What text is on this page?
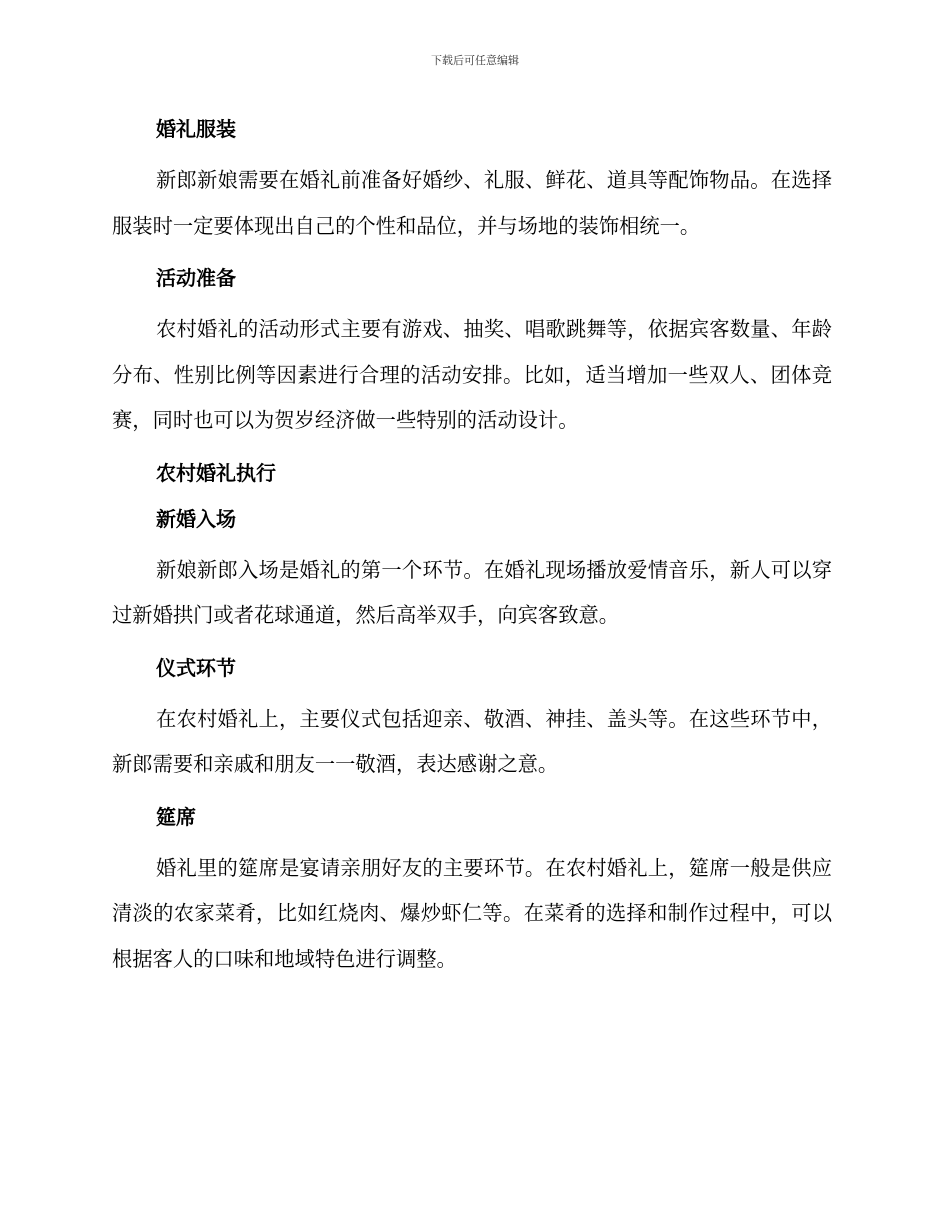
下载后可任意编辑
婚礼服装

新郎新娘需要在婚礼前准备好婚纱、礼服、鲜花、道具等配饰物品。在选择服装时一定要体现出自己的个性和品位，并与场地的装饰相统一。

活动准备

农村婚礼的活动形式主要有游戏、抽奖、唱歌跳舞等，依据宾客数量、年龄分布、性别比例等因素进行合理的活动安排。比如，适当增加一些双人、团体竞赛，同时也可以为贺岁经济做一些特别的活动设计。

农村婚礼执行
新婚入场

新娘新郎入场是婚礼的第一个环节。在婚礼现场播放爱情音乐，新人可以穿过新婚拱门或者花球通道，然后高举双手，向宾客致意。

仪式环节

在农村婚礼上，主要仪式包括迎亲、敬酒、神挂、盖头等。在这些环节中，新郎需要和亲戚和朋友一一敬酒，表达感谢之意。

筵席

婚礼里的筵席是宴请亲朋好友的主要环节。在农村婚礼上，筵席一般是供应清淡的农家菜肴，比如红烧肉、爆炒虾仁等。在菜肴的选择和制作过程中，可以根据客人的口味和地域特色进行调整。
